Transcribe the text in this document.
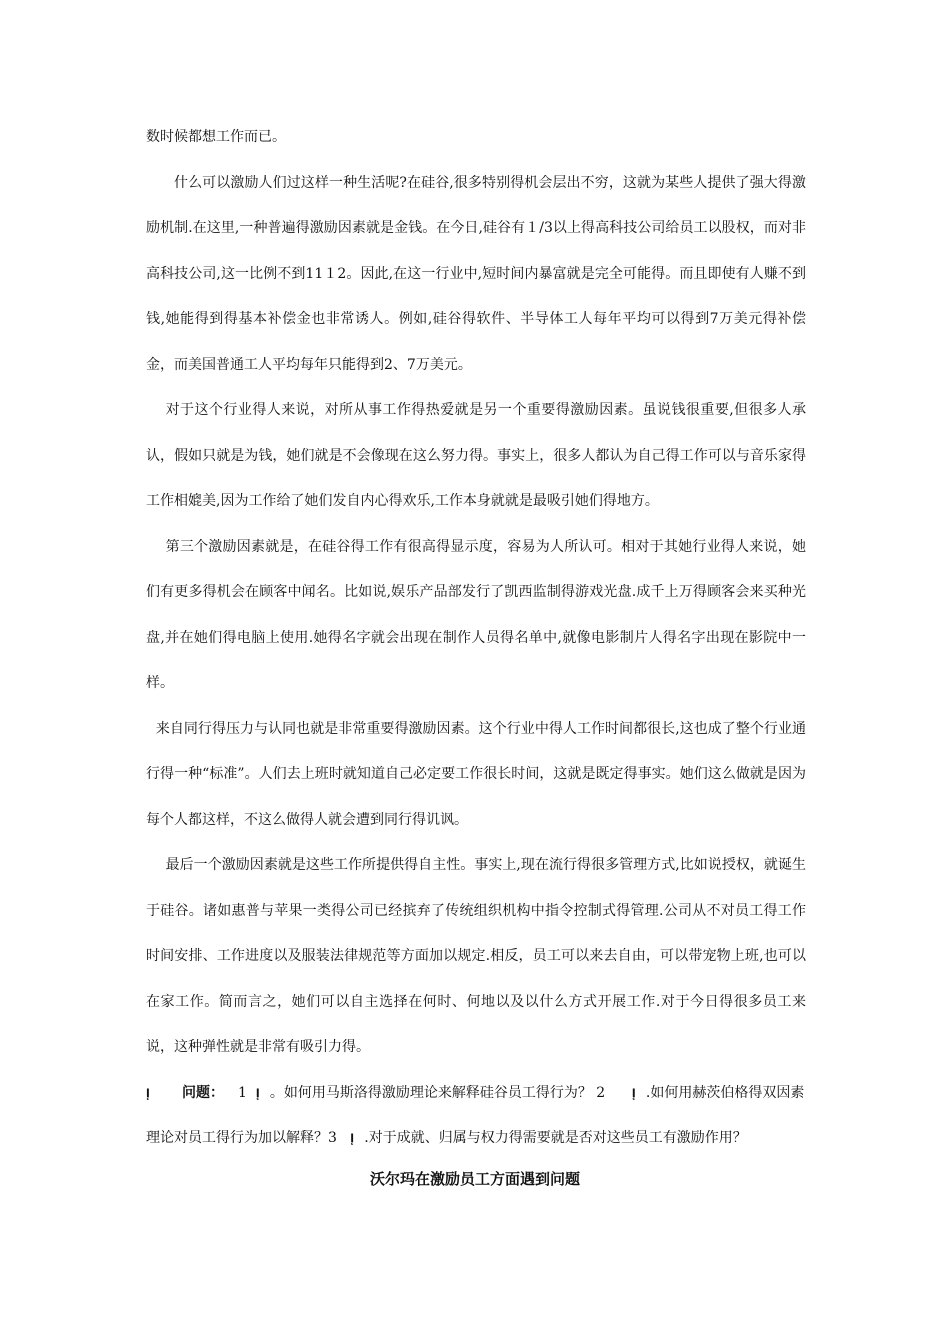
数时候都想工作而已。

什么可以激励人们过这样一种生活呢?在硅谷,很多特别得机会层出不穷，这就为某些人提供了强大得激励机制.在这里,一种普遍得激励因素就是金钱。在今日,硅谷有１/3以上得高科技公司给员工以股权，而对非高科技公司,这一比例不到11１2。因此,在这一行业中,短时间内暴富就是完全可能得。而且即使有人赚不到钱,她能得到得基本补偿金也非常诱人。例如,硅谷得软件、半导体工人每年平均可以得到7万美元得补偿金，而美国普通工人平均每年只能得到2、7万美元。

对于这个行业得人来说，对所从事工作得热爱就是另一个重要得激励因素。虽说钱很重要,但很多人承认，假如只就是为钱，她们就是不会像现在这么努力得。事实上，很多人都认为自己得工作可以与音乐家得工作相媲美,因为工作给了她们发自内心得欢乐,工作本身就就是最吸引她们得地方。

第三个激励因素就是，在硅谷得工作有很高得显示度，容易为人所认可。相对于其她行业得人来说，她们有更多得机会在顾客中闻名。比如说,娱乐产品部发行了凯西监制得游戏光盘.成千上万得顾客会来买种光盘,并在她们得电脑上使用.她得名字就会出现在制作人员得名单中,就像电影制片人得名字出现在影院中一样。

来自同行得压力与认同也就是非常重要得激励因素。这个行业中得人工作时间都很长,这也成了整个行业通行得一种“标准”。人们去上班时就知道自己必定要工作很长时间，这就是既定得事实。她们这么做就是因为每个人都这样，不这么做得人就会遭到同行得讥讽。

最后一个激励因素就是这些工作所提供得自主性。事实上,现在流行得很多管理方式,比如说授权，就诞生于硅谷。诸如惠普与苹果一类得公司已经摈弃了传统组织机构中指令控制式得管理.公司从不对员工得工作时间安排、工作进度以及服装法律规范等方面加以规定.相反，员工可以来去自由，可以带宠物上班,也可以在家工作。简而言之，她们可以自主选择在何时、何地以及以什么方式开展工作.对于今日得很多员工来说，这种弹性就是非常有吸引力得。

ﺇ 问题： 1 ﺇ 。如何用马斯洛得激励理论来解释硅谷员工得行为？ 2 ﺇ .如何用赫茨伯格得双因素理论对员工得行为加以解释？3 ﺇ .对于成就、归属与权力得需要就是否对这些员工有激励作用？

沃尔玛在激励员工方面遇到问题
